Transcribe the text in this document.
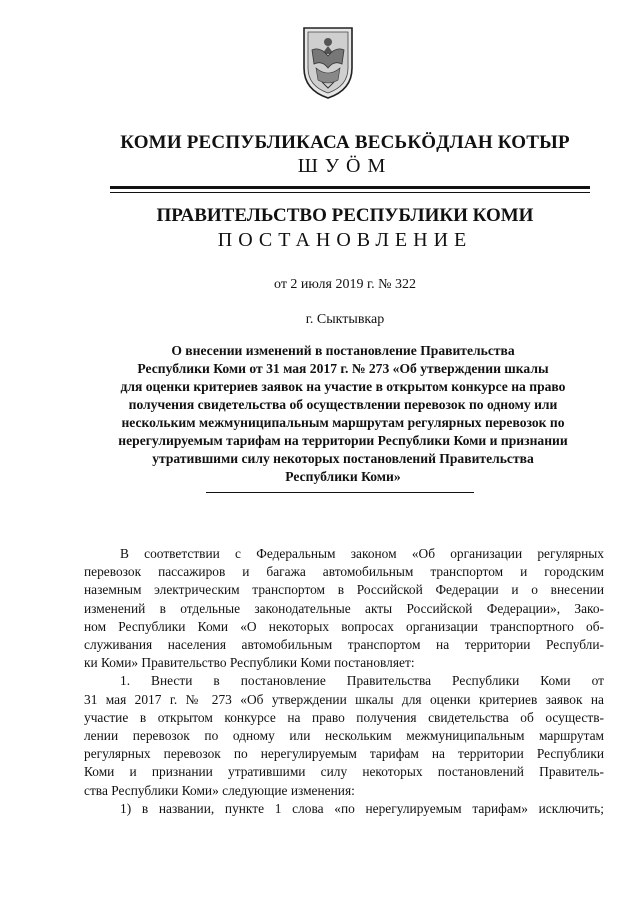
КОМИ РЕСПУБЛИКАСА ВЕСЬКӦДЛАН КОТЫР
ШУӦМ
ПРАВИТЕЛЬСТВО РЕСПУБЛИКИ КОМИ
ПОСТАНОВЛЕНИЕ
от 2 июля 2019 г. № 322
г. Сыктывкар
О внесении изменений в постановление Правительства
Республики Коми от 31 мая 2017 г. № 273 «Об утверждении шкалы
для оценки критериев заявок на участие в открытом конкурсе на право
получения свидетельства об осуществлении перевозок по одному или
нескольким межмуниципальным маршрутам регулярных перевозок по
нерегулируемым тарифам на территории Республики Коми и признании
утратившими силу некоторых постановлений Правительства
Республики Коми»
В соответствии с Федеральным законом «Об организации регулярных
перевозок пассажиров и багажа автомобильным транспортом и городским
наземным электрическим транспортом в Российской Федерации и о внесении
изменений в отдельные законодательные акты Российской Федерации», Зако-
ном Республики Коми «О некоторых вопросах организации транспортного об-
служивания населения автомобильным транспортом на территории Республи-
ки Коми» Правительство Республики Коми постановляет:
1. Внести в постановление Правительства Республики Коми от
31 мая 2017 г. № 273 «Об утверждении шкалы для оценки критериев заявок на
участие в открытом конкурсе на право получения свидетельства об осуществ-
лении перевозок по одному или нескольким межмуниципальным маршрутам
регулярных перевозок по нерегулируемым тарифам на территории Республики
Коми и признании утратившими силу некоторых постановлений Правитель-
ства Республики Коми» следующие изменения:
1) в названии, пункте 1 слова «по нерегулируемым тарифам» исключить;
